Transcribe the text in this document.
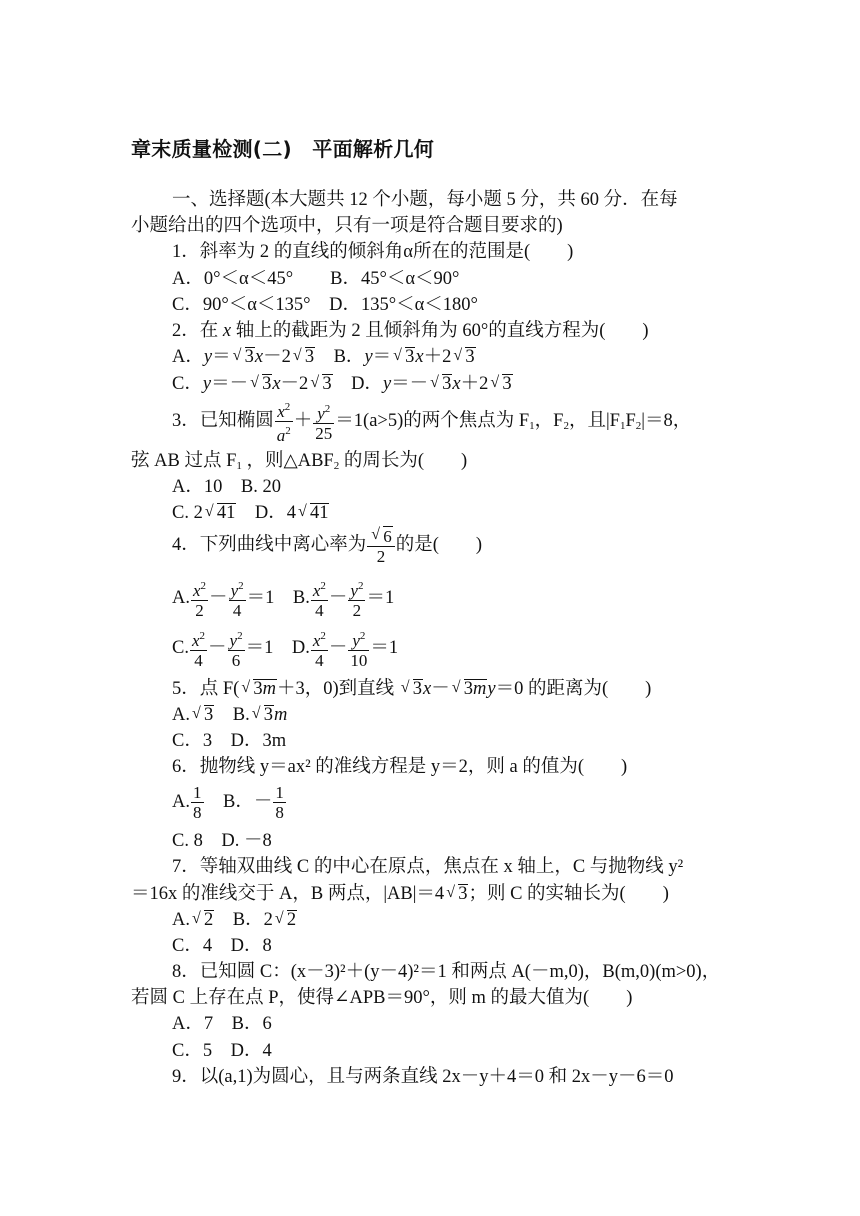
章末质量检测(二)　平面解析几何
一、选择题(本大题共 12 个小题，每小题 5 分，共 60 分．在每
小题给出的四个选项中，只有一项是符合题目要求的)
1．斜率为 2 的直线的倾斜角α所在的范围是(　　)
A．0°＜α＜45°　　B．45°＜α＜90°
C．90°＜α＜135°　D．135°＜α＜180°
2．在 x 轴上的截距为 2 且倾斜角为 60°的直线方程为(　　)
A．y＝ √ 3x－2 √ 3　B．y＝ √ 3x＋2 √ 3
C．y＝－ √ 3x－2 √ 3　D．y＝－ √ 3x＋2 √ 3
3．已知椭圆 $\frac{x^2}{a^2} + \frac{y^2}{25} =1(a>5)$的两个焦点为 $F_1$，$F_2$，且$|F_1F_2|=8$，
弦 AB 过点 $F_1$ ，则$\triangle ABF_2$ 的周长为(　　)
A．10　B. 20
C. 2 √ 41　D．4 √ 41
4．下列曲线中离心率为 √ $\frac{6}{2}$ 的是(　　)
A. $\frac{x^2}{2} - \frac{y^2}{4} =1$　B. $\frac{x^2}{4} - \frac{y^2}{2} =1$
C. $\frac{x^2}{4} - \frac{y^2}{6} =1$　D. $\frac{x^2}{4} - \frac{y^2}{10} =1$
5．点 F( √ 3m＋3，0)到直线 √ 3x－ √ 3my＝0 的距离为(　　)
A. √ 3　B. √ 3m
C．3　D．3m
6．抛物线 y＝ax² 的准线方程是 y＝2，则 a 的值为(　　)
A. $\frac{1}{8}$ 　B．－ $\frac{1}{8}$
C. 8　D. －8
7．等轴双曲线 C 的中心在原点，焦点在 x 轴上，C 与抛物线 y²
＝16x 的准线交于 A，B 两点，|AB|＝4 √ 3；则 C 的实轴长为(　　)
A. √ 2　B．2 √ 2
C．4　D．8
8．已知圆 C：(x－3)²＋(y－4)²＝1 和两点 A(－m,0)，B(m,0)(m>0)，
若圆 C 上存在点 P，使得∠APB＝90°，则 m 的最大值为(　　)
A．7　B．6
C．5　D．4
9．以(a,1)为圆心，且与两条直线 2x－y＋4＝0 和 2x－y－6＝0
